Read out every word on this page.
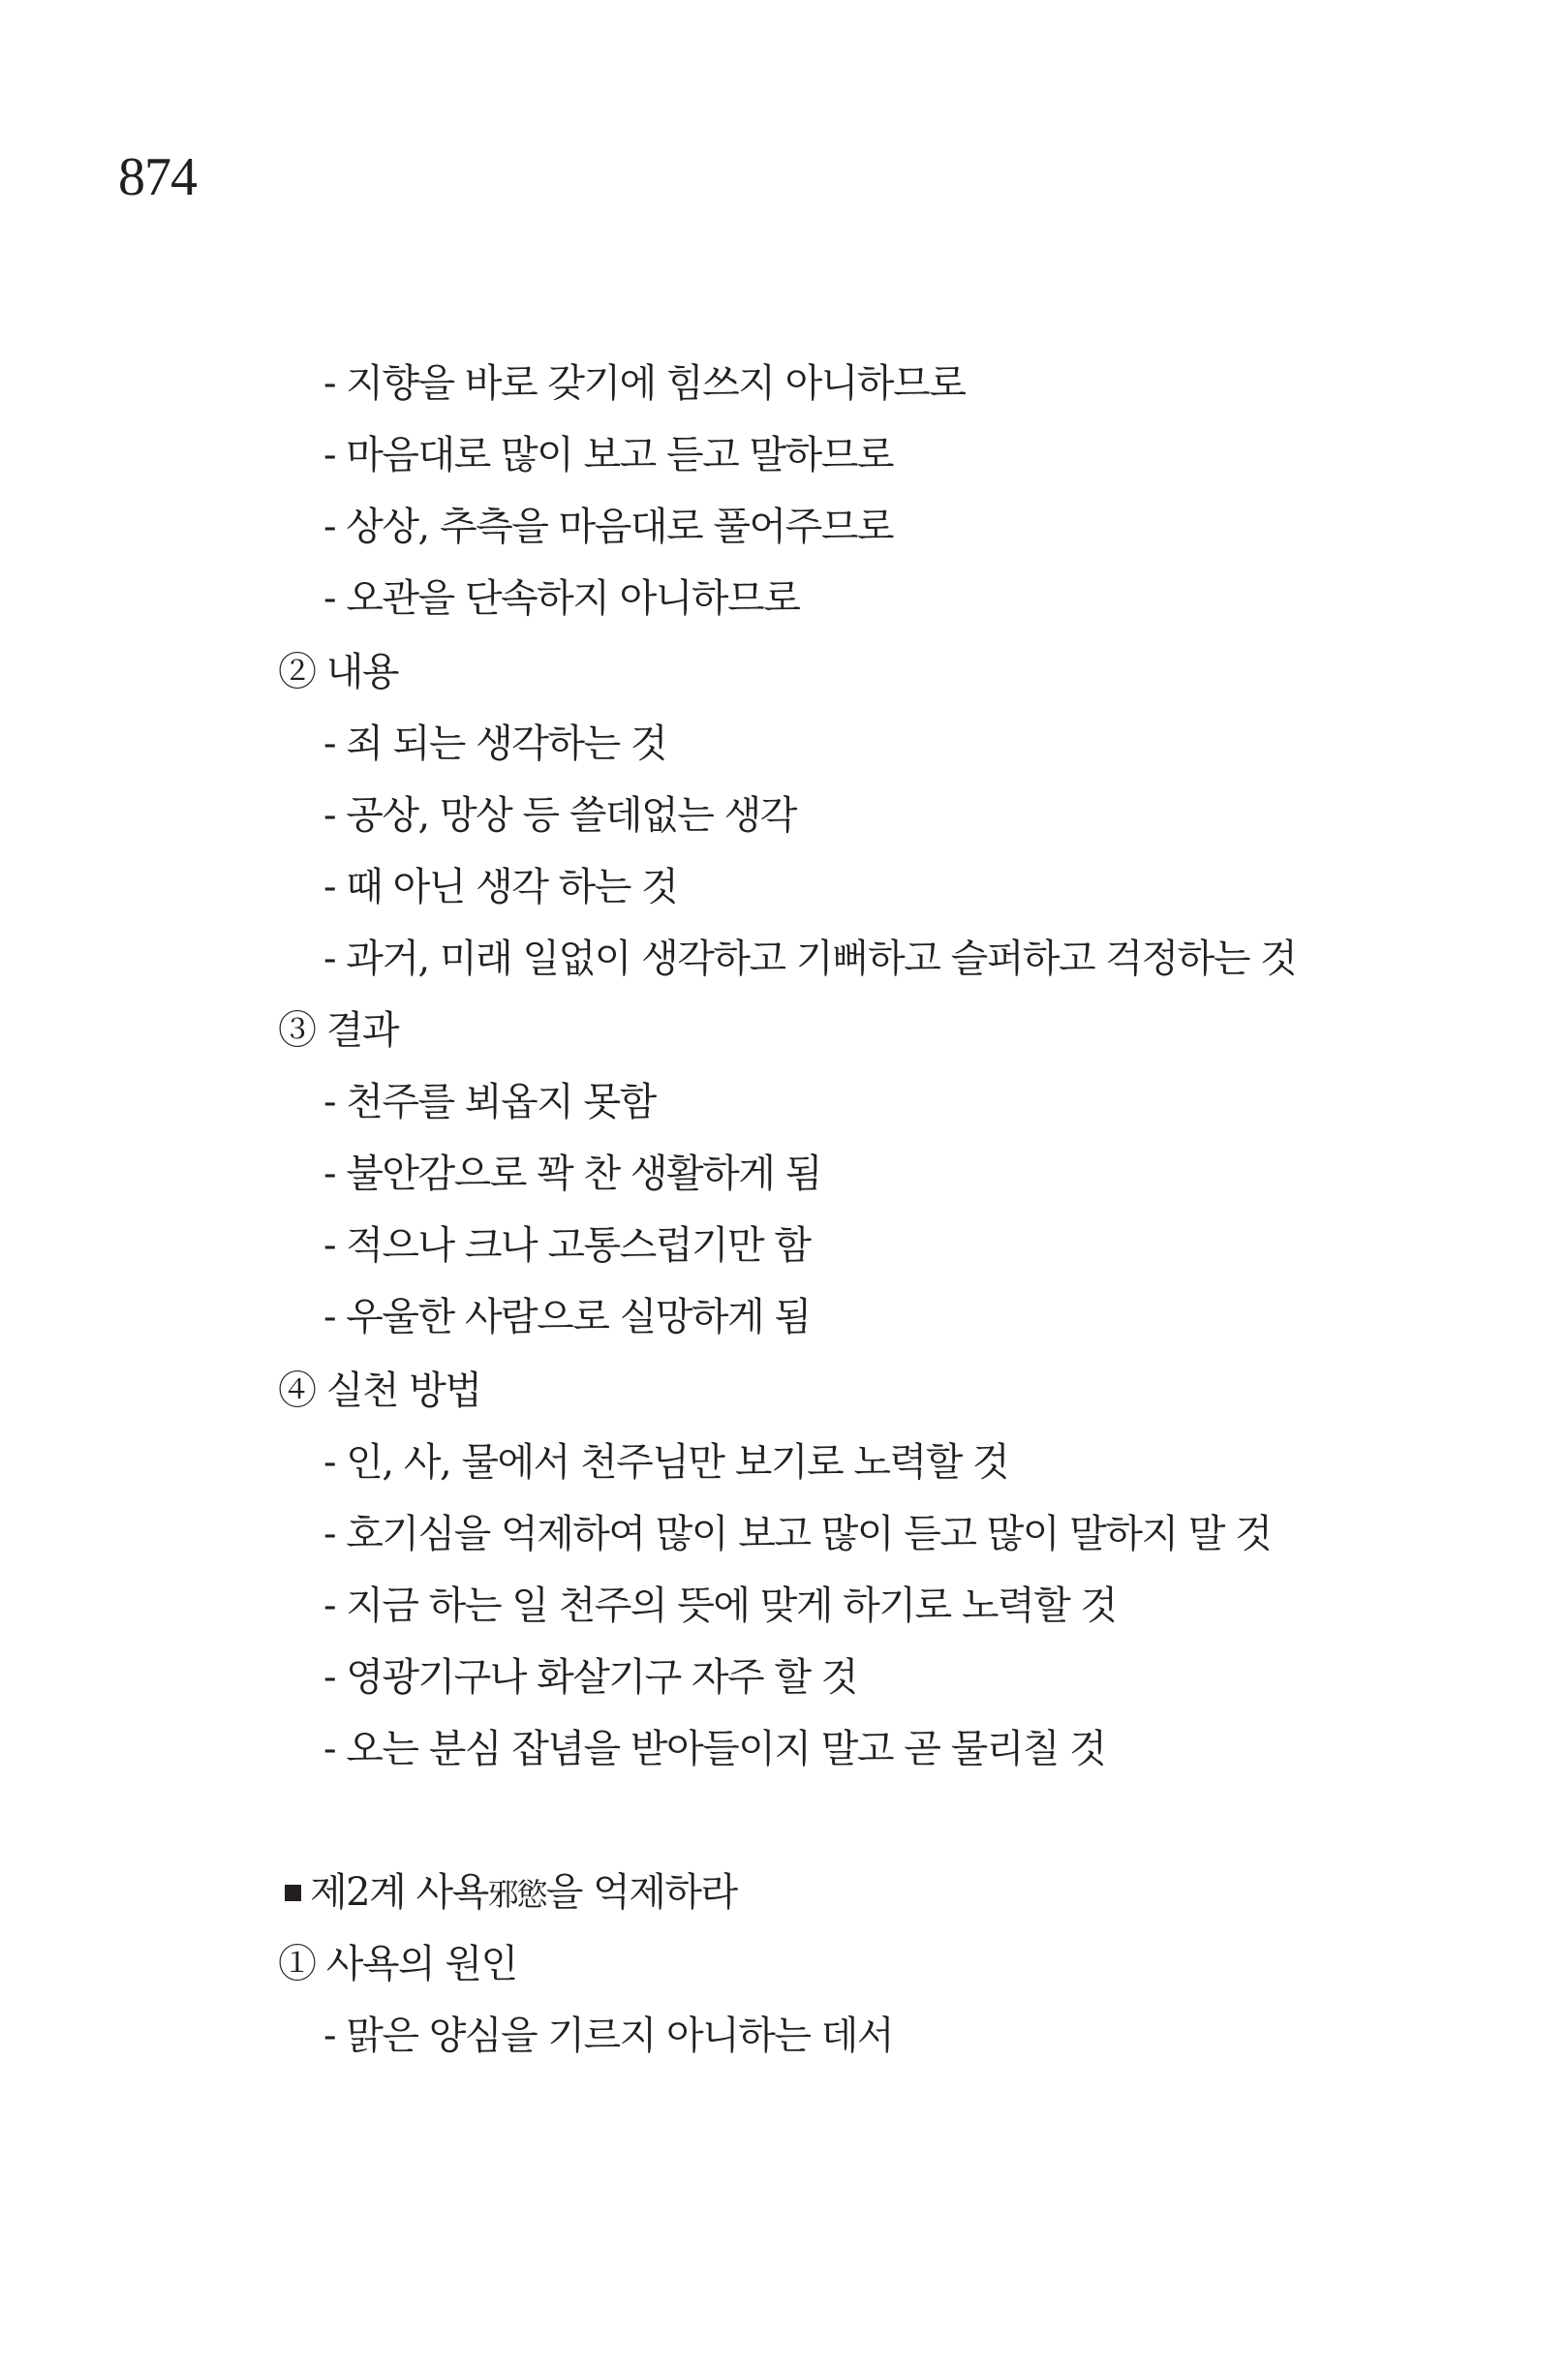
874
- 지향을 바로 갖기에 힘쓰지 아니하므로
- 마음대로 많이 보고 듣고 말하므로
- 상상, 추측을 마음대로 풀어주므로
- 오관을 단속하지 아니하므로
② 내용
- 죄 되는 생각하는 것
- 공상, 망상 등 쓸데없는 생각
- 때 아닌 생각 하는 것
- 과거, 미래 일없이 생각하고 기뻐하고 슬퍼하고 걱정하는 것
③ 결과
- 천주를 뵈옵지 못함
- 불안감으로 꽉 찬 생활하게 됨
- 적으나 크나 고통스럽기만 함
- 우울한 사람으로 실망하게 됨
④ 실천 방법
- 인, 사, 물에서 천주님만 보기로 노력할 것
- 호기심을 억제하여 많이 보고 많이 듣고 많이 말하지 말 것
- 지금 하는 일 천주의 뜻에 맞게 하기로 노력할 것
- 영광기구나 화살기구 자주 할 것
- 오는 분심 잡념을 받아들이지 말고 곧 물리칠 것
제2계 사욕邪慾을 억제하라
① 사욕의 원인
- 맑은 양심을 기르지 아니하는 데서
